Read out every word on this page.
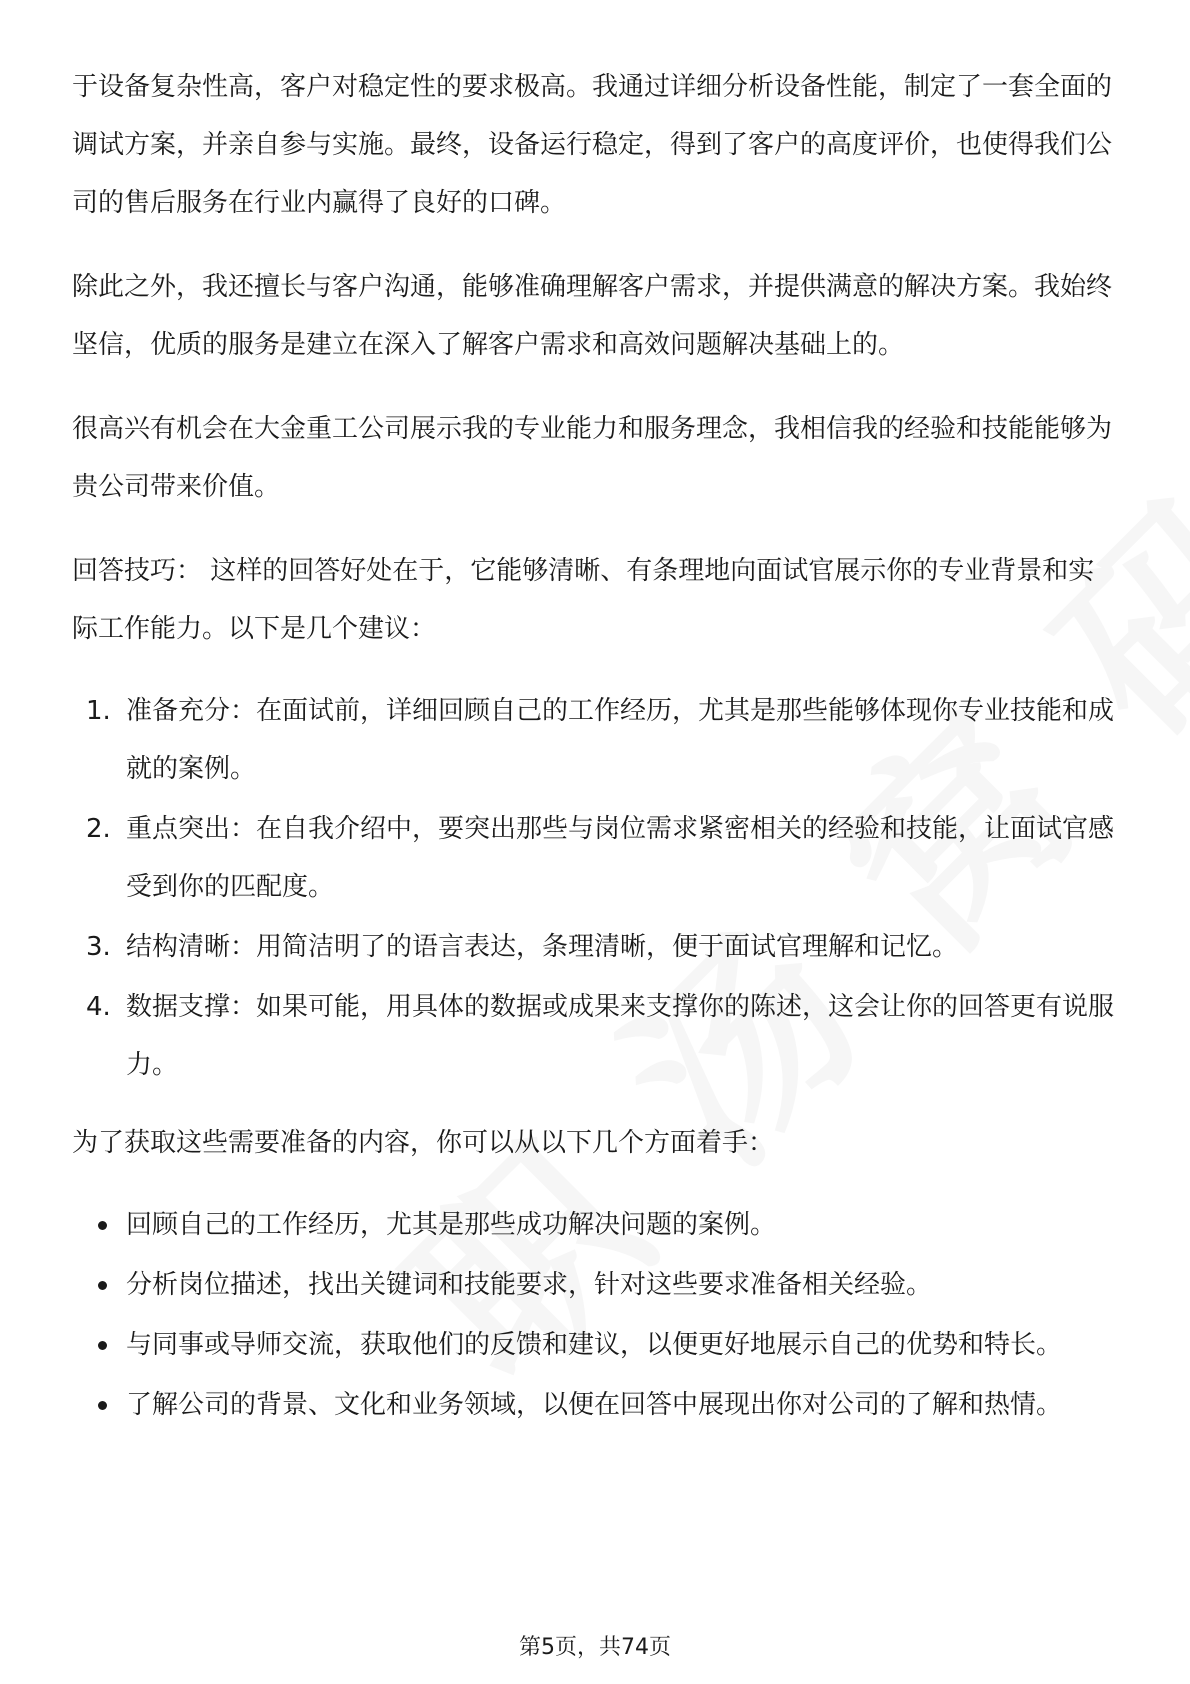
于设备复杂性高，客户对稳定性的要求极高。我通过详细分析设备性能，制定了一套全面的调试方案，并亲自参与实施。最终，设备运行稳定，得到了客户的高度评价，也使得我们公司的售后服务在行业内赢得了良好的口碑。

除此之外，我还擅长与客户沟通，能够准确理解客户需求，并提供满意的解决方案。我始终坚信，优质的服务是建立在深入了解客户需求和高效问题解决基础上的。

很高兴有机会在大金重工公司展示我的专业能力和服务理念，我相信我的经验和技能能够为贵公司带来价值。

回答技巧： 这样的回答好处在于，它能够清晰、有条理地向面试官展示你的专业背景和实际工作能力。以下是几个建议：

1. 准备充分：在面试前，详细回顾自己的工作经历，尤其是那些能够体现你专业技能和成就的案例。
2. 重点突出：在自我介绍中，要突出那些与岗位需求紧密相关的经验和技能，让面试官感受到你的匹配度。
3. 结构清晰：用简洁明了的语言表达，条理清晰，便于面试官理解和记忆。
4. 数据支撑：如果可能，用具体的数据或成果来支撑你的陈述，这会让你的回答更有说服力。

为了获取这些需要准备的内容，你可以从以下几个方面着手：

回顾自己的工作经历，尤其是那些成功解决问题的案例。
分析岗位描述，找出关键词和技能要求，针对这些要求准备相关经验。
与同事或导师交流，获取他们的反馈和建议，以便更好地展示自己的优势和特长。
了解公司的背景、文化和业务领域，以便在回答中展现出你对公司的了解和热情。
第5页，共74页
